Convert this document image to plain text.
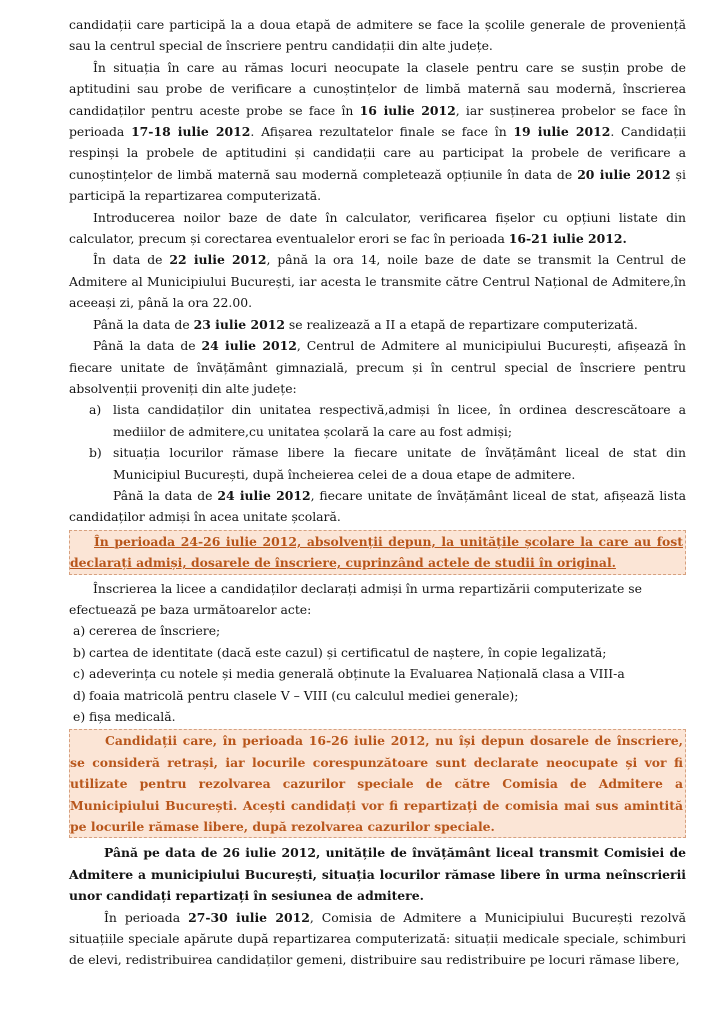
candidații care participă la a doua etapă de admitere se face la școlile generale de proveniență sau la centrul special de înscriere pentru candidații din alte județe.

În situația în care au rămas locuri neocupate la clasele pentru care se susțin probe de aptitudini sau probe de verificare a cunoștințelor de limbă maternă sau modernă, înscrierea candidaților pentru aceste probe se face în 16 iulie 2012, iar susținerea probelor se face în perioada 17-18 iulie 2012. Afișarea rezultatelor finale se face în 19 iulie 2012. Candidații respinși la probele de aptitudini și candidații care au participat la probele de verificare a cunoștințelor de limbă maternă sau modernă completează opțiunile în data de 20 iulie 2012 și participă la repartizarea computerizată.

Introducerea noilor baze de date în calculator, verificarea fișelor cu opțiuni listate din calculator, precum și corectarea eventualelor erori se fac în perioada 16-21 iulie 2012.

În data de 22 iulie 2012, până la ora 14, noile baze de date se transmit la Centrul de Admitere al Municipiului București, iar acesta le transmite către Centrul Național de Admitere,în aceeași zi, până la ora 22.00.

Până la data de 23 iulie 2012 se realizează a II a etapă de repartizare computerizată.

Până la data de 24 iulie 2012, Centrul de Admitere al municipiului București, afișează în fiecare unitate de învățământ gimnazială, precum și în centrul special de înscriere pentru absolvenții proveniți din alte județe:

a) lista candidaților din unitatea respectivă,admiși în licee, în ordinea descrescătoare a mediilor de admitere,cu unitatea școlară la care au fost admiși;
b) situația locurilor rămase libere la fiecare unitate de învățământ liceal de stat din Municipiul București, după încheierea celei de a doua etape de admitere.

Până la data de 24 iulie 2012, fiecare unitate de învățământ liceal de stat, afișează lista candidaților admiși în acea unitate școlară.

În perioada 24-26 iulie 2012, absolvenții depun, la unitățile școlare la care au fost declarați admiși, dosarele de înscriere, cuprinzând actele de studii în original.

Înscrierea la licee a candidaților declarați admiși în urma repartizării computerizate se efectuează pe baza următoarelor acte:

a) cererea de înscriere;
b) cartea de identitate (dacă este cazul) și certificatul de naștere, în copie legalizată;
c) adeverința cu notele și media generală obținute la Evaluarea Națională clasa a VIII-a
d) foaia matricolă pentru clasele V – VIII (cu calculul mediei generale);
e) fișa medicală.
Candidații care, în perioada 16-26 iulie 2012, nu își depun dosarele de înscriere, se consideră retrași, iar locurile corespunzătoare sunt declarate neocupate și vor fi utilizate pentru rezolvarea cazurilor speciale de către Comisia de Admitere a Municipiului București. Acești candidați vor fi repartizați de comisia mai sus amintită pe locurile rămase libere, după rezolvarea cazurilor speciale.

Până pe data de 26 iulie 2012, unitățile de învățământ liceal transmit Comisiei de Admitere a municipiului București, situația locurilor rămase libere în urma neînscrierii unor candidați repartizați în sesiunea de admitere.

În perioada 27-30 iulie 2012, Comisia de Admitere a Municipiului București rezolvă situațiile speciale apărute după repartizarea computerizată: situații medicale speciale, schimburi de elevi, redistribuirea candidaților gemeni, distribuire sau redistribuire pe locuri rămase libere,
